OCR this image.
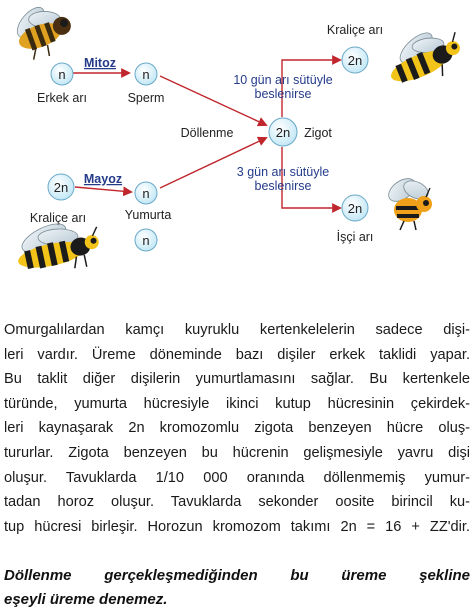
n	n
2n	n
n
2n
2n
2n
Mitoz
Mayoz
Erkek arı	Sperm
Kraliçe arı	Yumurta
Döllenme	Zigot
10 gün arı sütüyle
beslenirse
3 gün arı sütüyle
beslenirse
Kraliçe arı
İşçi arı
Omurgalılardan kamçı kuyruklu kertenkelelerin sadece dişi-
leri vardır. Üreme döneminde bazı dişiler erkek taklidi yapar.
Bu taklit diğer dişilerin yumurtlamasını sağlar. Bu kertenkele
türünde, yumurta hücresiyle ikinci kutup hücresinin çekirdek-
leri kaynaşarak 2n kromozomlu zigota benzeyen hücre oluş-
tururlar. Zigota benzeyen bu hücrenin gelişmesiyle yavru dişi
oluşur. Tavuklarda 1/10 000 oranında döllenmemiş yumur-
tadan horoz oluşur. Tavuklarda sekonder oosite birincil ku-
tup hücresi birleşir. Horozun kromozom takımı 2n = 16 + ZZ'dir.
Döllenme gerçekleşmediğinden bu üreme şekline
eşeyli üreme denemez.
